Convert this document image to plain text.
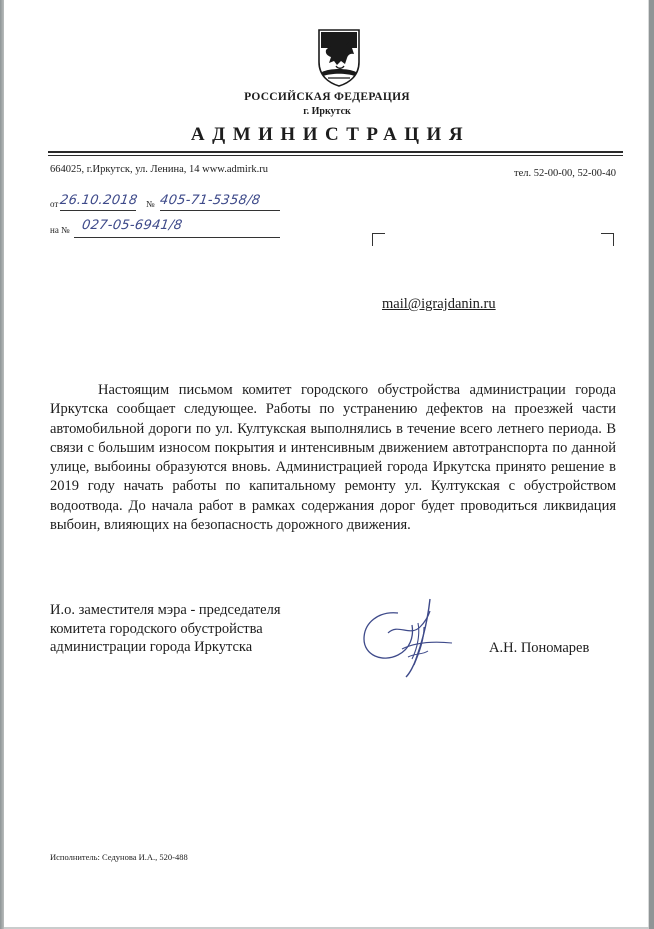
РОССИЙСКАЯ ФЕДЕРАЦИЯ
г. Иркутск
АДМИНИСТРАЦИЯ
664025, г.Иркутск, ул. Ленина, 14 www.admirk.ru	тел. 52-00-00, 52-00-40
от 26.10.2018 № 405-71-5358/8
на № 027-05-6941/8
mail@igrajdanin.ru
Настоящим письмом комитет городского обустройства администрации города Иркутска сообщает следующее. Работы по устранению дефектов на проезжей части автомобильной дороги по ул. Култукская выполнялись в течение всего летнего периода. В связи с большим износом покрытия и интенсивным движением автотранспорта по данной улице, выбоины образуются вновь. Администрацией города Иркутска принято решение в 2019 году начать работы по капитальному ремонту ул. Култукская с обустройством водоотвода. До начала работ в рамках содержания дорог будет проводиться ликвидация выбоин, влияющих на безопасность дорожного движения.
И.о. заместителя мэра - председателя
комитета городского обустройства
администрации города Иркутска	А.Н. Пономарев
Исполнитель: Седунова И.А., 520-488
